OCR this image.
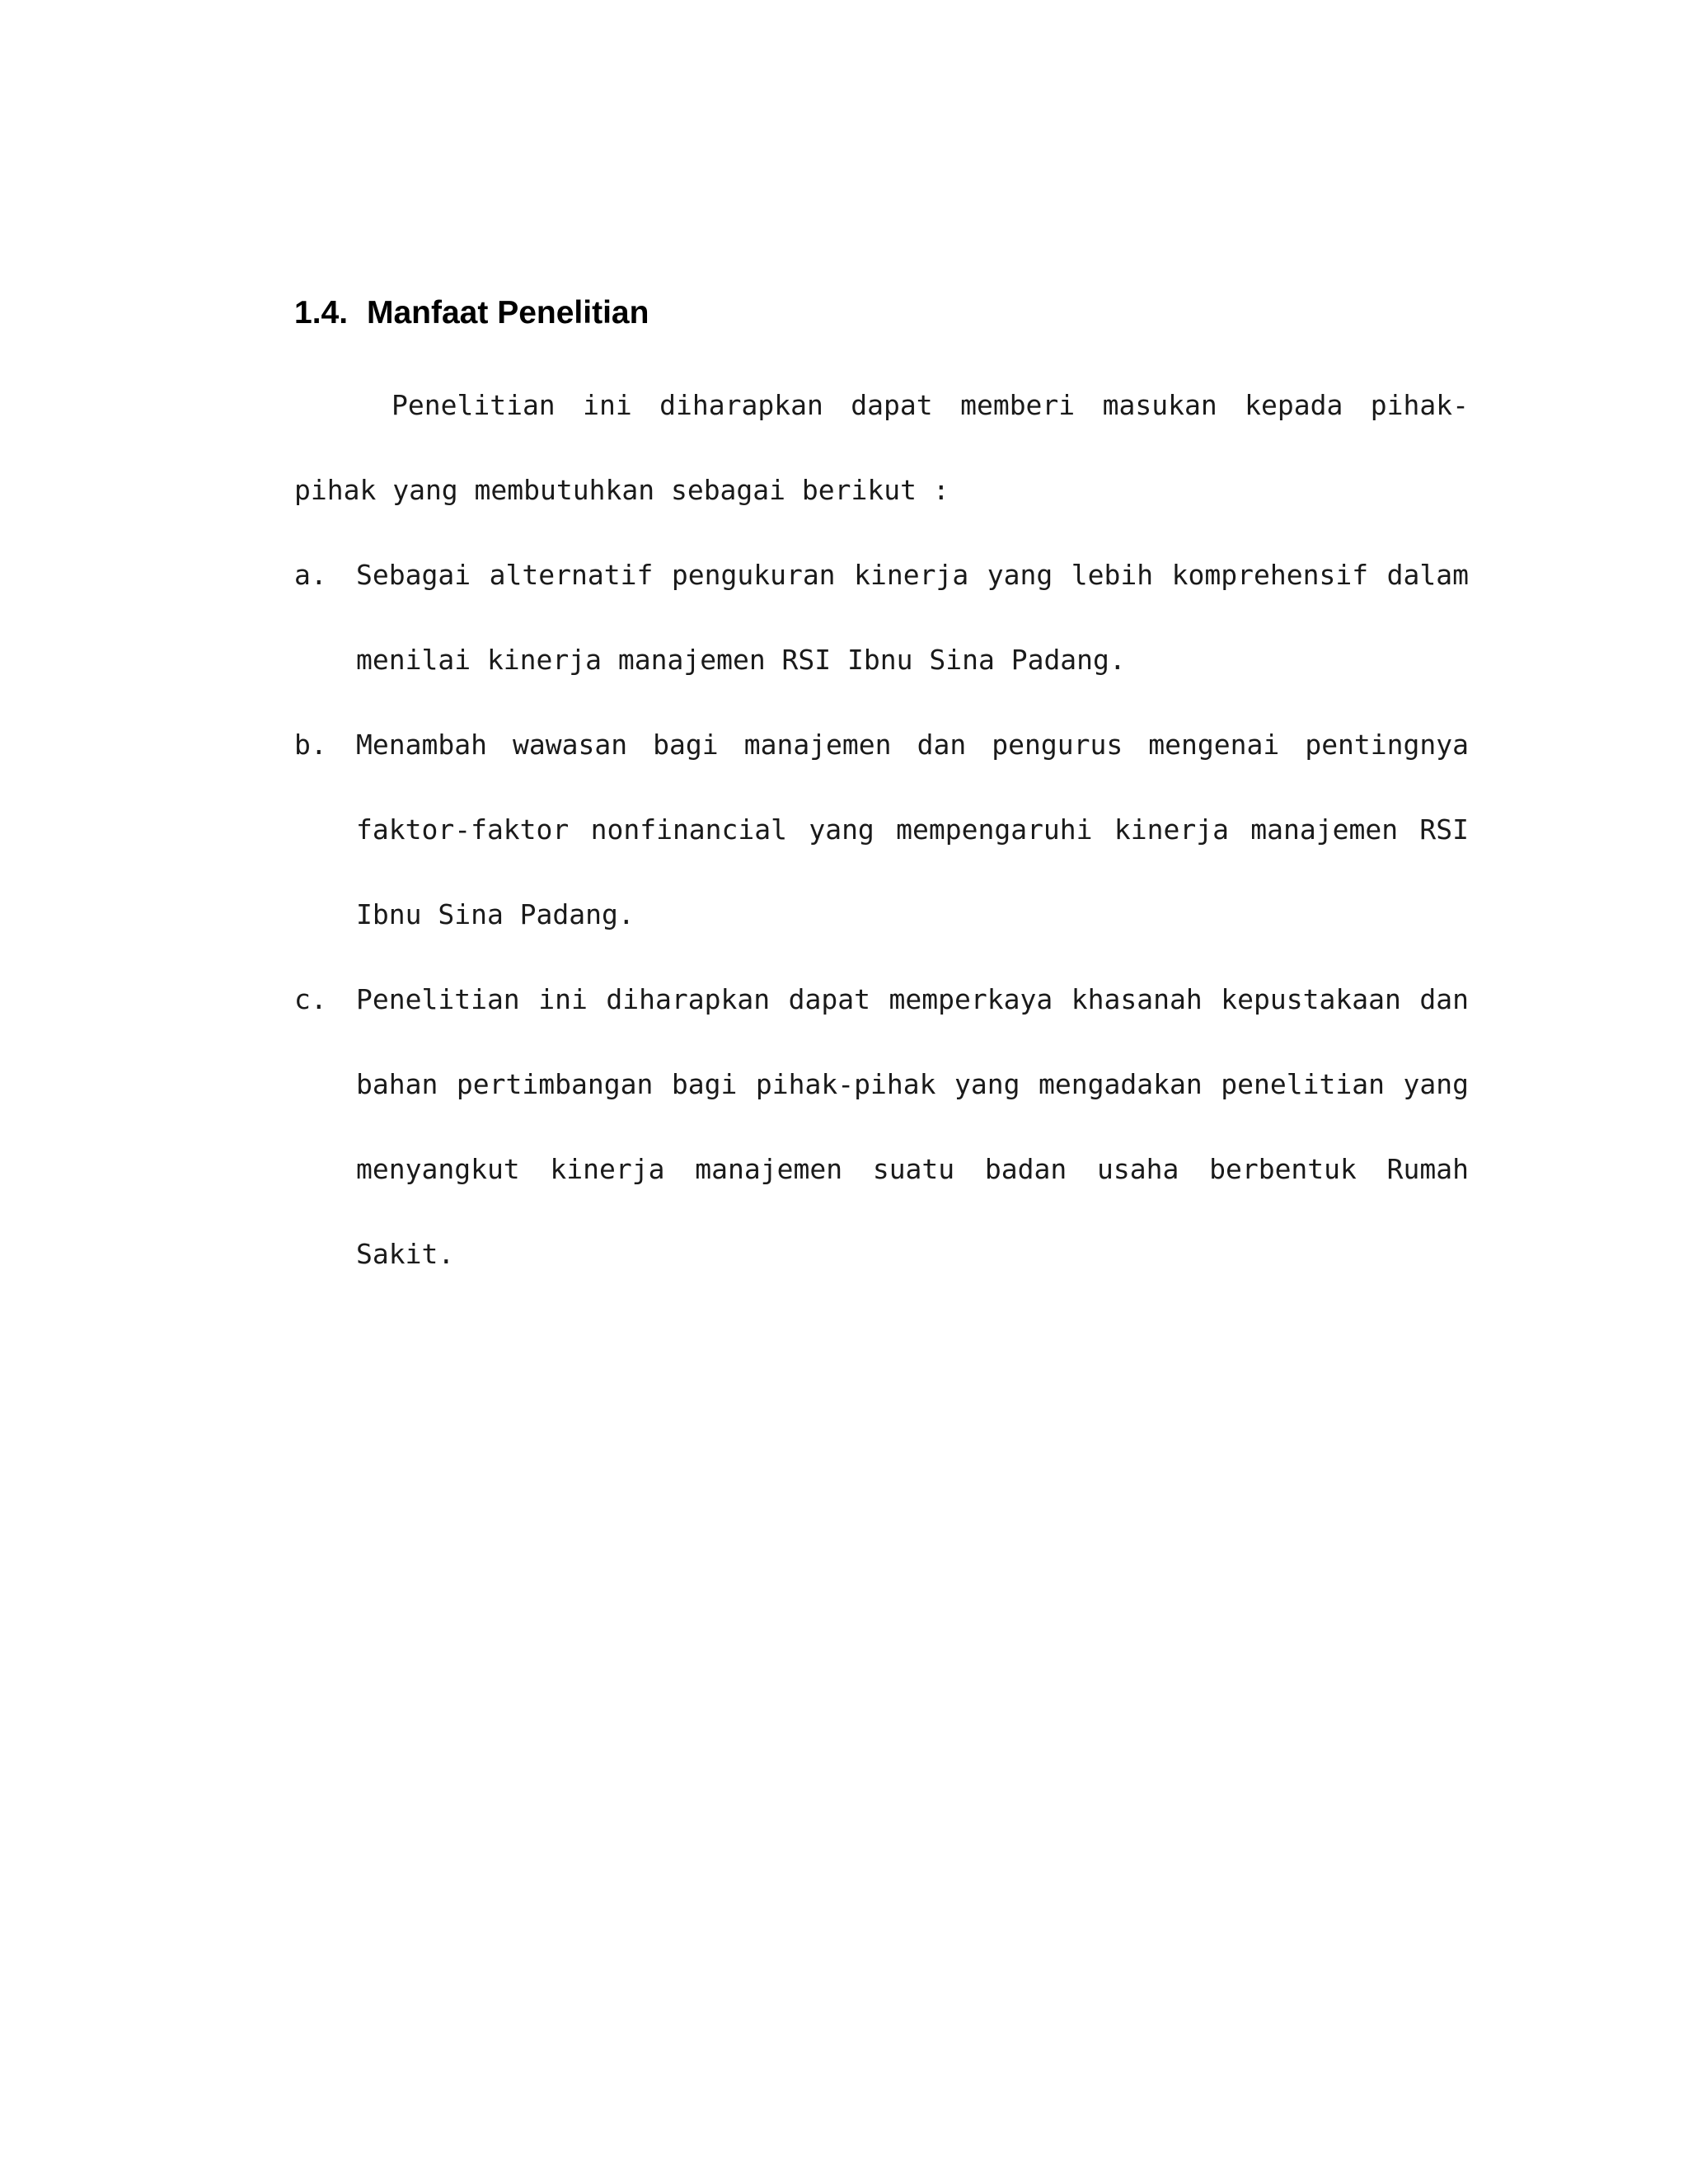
1.4. Manfaat Penelitian

Penelitian ini diharapkan dapat memberi masukan kepada pihak-pihak yang membutuhkan sebagai berikut :

a. Sebagai alternatif pengukuran kinerja yang lebih komprehensif dalam menilai kinerja manajemen RSI Ibnu Sina Padang.
b. Menambah wawasan bagi manajemen dan pengurus mengenai pentingnya faktor-faktor nonfinancial yang mempengaruhi kinerja manajemen RSI Ibnu Sina Padang.
c. Penelitian ini diharapkan dapat memperkaya khasanah kepustakaan dan bahan pertimbangan bagi pihak-pihak yang mengadakan penelitian yang menyangkut kinerja manajemen suatu badan usaha berbentuk Rumah Sakit.
